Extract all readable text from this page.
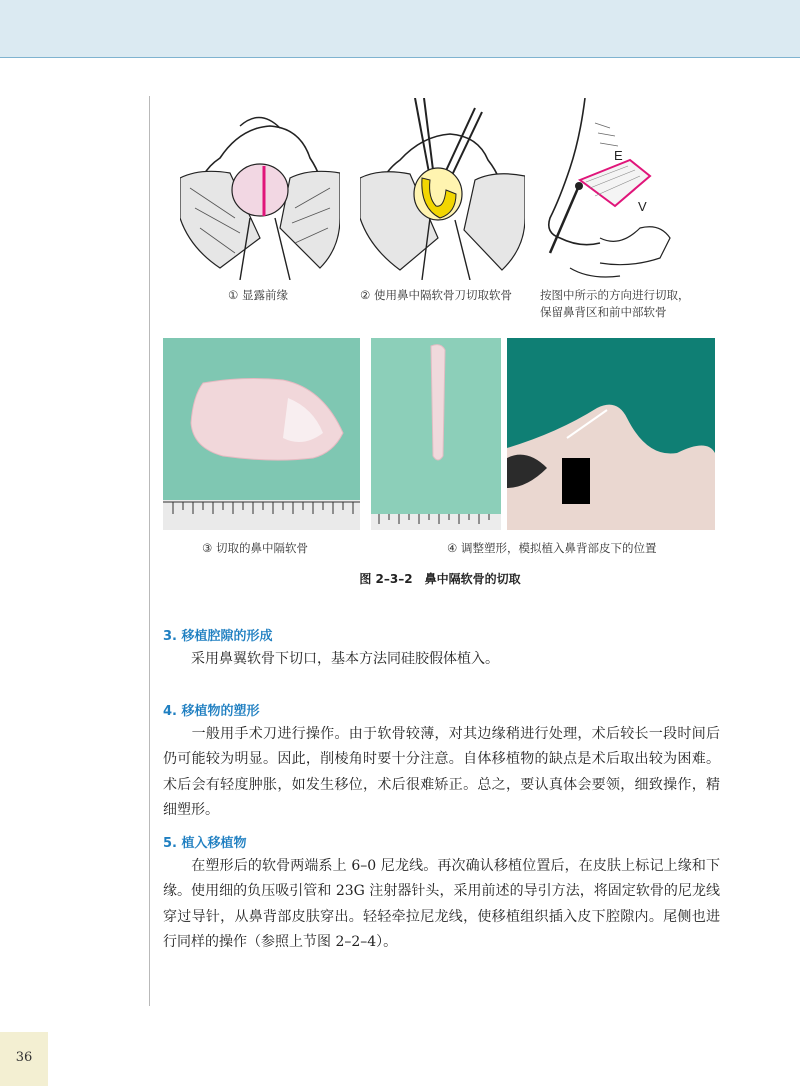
36
E
V
① 显露前缘	② 使用鼻中隔软骨刀切取软骨 按图中所示的方向进行切取，
保留鼻背区和前中部软骨
③ 切取的鼻中隔软骨	④ 调整塑形，模拟植入鼻背部皮下的位置
图 2–3–2　鼻中隔软骨的切取
3. 移植腔隙的形成

　　采用鼻翼软骨下切口，基本方法同硅胶假体植入。

4. 移植物的塑形

　　一般用手术刀进行操作。由于软骨较薄，对其边缘稍进行处理，术后较长一段时间后仍可能较为明显。因此，削棱角时要十分注意。自体移植物的缺点是术后取出较为困难。术后会有轻度肿胀，如发生移位，术后很难矫正。总之，要认真体会要领，细致操作，精细塑形。

5. 植入移植物

　　在塑形后的软骨两端系上 6–0 尼龙线。再次确认移植位置后，在皮肤上标记上缘和下缘。使用细的负压吸引管和 23G 注射器针头，采用前述的导引方法，将固定软骨的尼龙线穿过导针，从鼻背部皮肤穿出。轻轻牵拉尼龙线，使移植组织插入皮下腔隙内。尾侧也进行同样的操作（参照上节图 2–2–4）。
